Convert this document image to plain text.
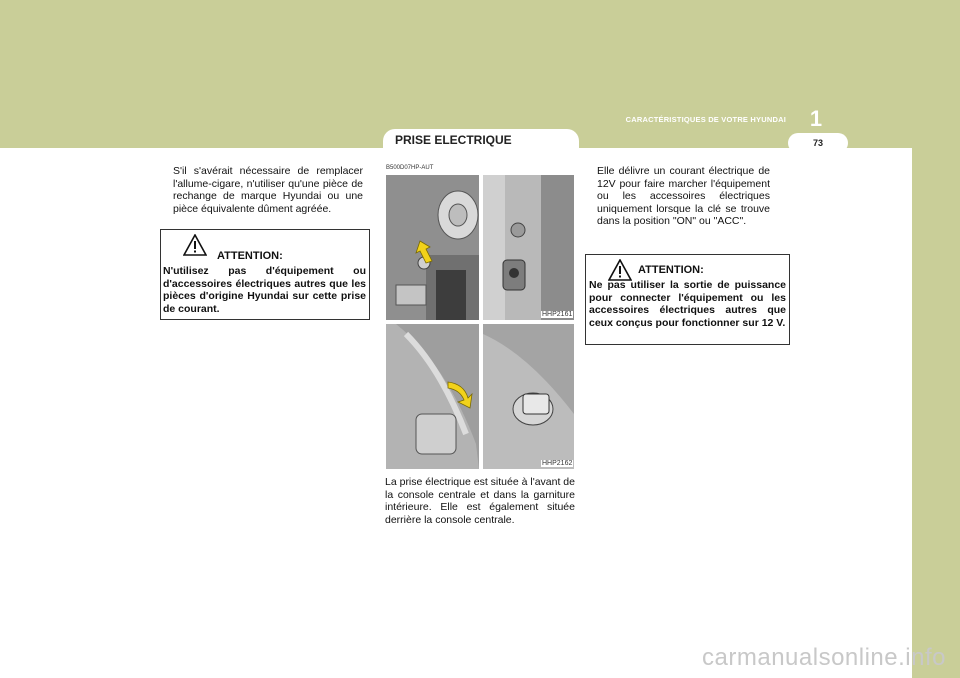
1
CARACTÉRISTIQUES DE VOTRE HYUNDAI
73
PRISE ELECTRIQUE
S'il s'avérait nécessaire de remplacer l'allume-cigare, n'utiliser qu'une pièce de rechange de marque Hyundai ou une pièce équivalente dûment agréée.
ATTENTION:
N'utilisez pas d'équipement ou d'accessoires électriques autres que les pièces d'origine Hyundai sur cette prise de courant.
B500D07HP-AUT
HHP2161
HHP2162
La prise électrique est située à l'avant de la console centrale et dans la garniture intérieure. Elle est également située derrière la console centrale.
Elle délivre un courant électrique de 12V pour faire marcher l'équipement ou les accessoires électriques uniquement lorsque la clé se trouve dans la position "ON" ou "ACC".
ATTENTION:
Ne pas utiliser la sortie de puissance pour connecter l'équipement ou les accessoires électriques autres que ceux conçus pour fonctionner sur 12 V.
carmanualsonline.info
